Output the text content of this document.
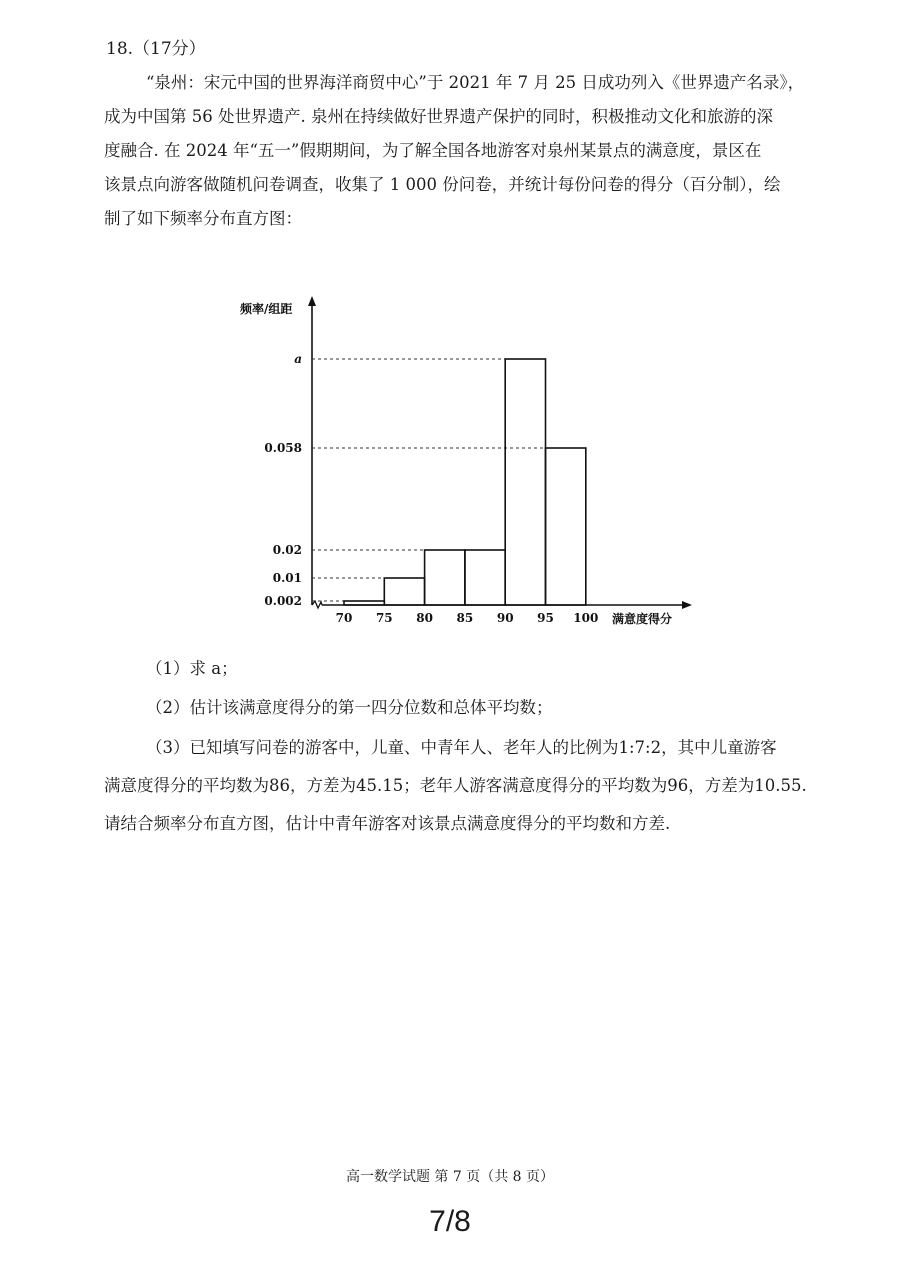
18.（17分）
“泉州：宋元中国的世界海洋商贸中心”于 2021 年 7 月 25 日成功列入《世界遗产名录》，
成为中国第 56 处世界遗产. 泉州在持续做好世界遗产保护的同时，积极推动文化和旅游的深
度融合. 在 2024 年“五一”假期期间，为了解全国各地游客对泉州某景点的满意度，景区在
该景点向游客做随机问卷调查，收集了 1 000 份问卷，并统计每份问卷的得分（百分制），绘
制了如下频率分布直方图：
0.002
0.01
0.02
0.058
a
70 75 80 85 90 95 100
频率/组距
满意度得分
（1）求 a；
（2）估计该满意度得分的第一四分位数和总体平均数；
（3）已知填写问卷的游客中，儿童、中青年人、老年人的比例为1:7:2，其中儿童游客
满意度得分的平均数为86，方差为45.15；老年人游客满意度得分的平均数为96，方差为10.55.
请结合频率分布直方图，估计中青年游客对该景点满意度得分的平均数和方差.
高一数学试题 第 7 页（共 8 页）
7/8
